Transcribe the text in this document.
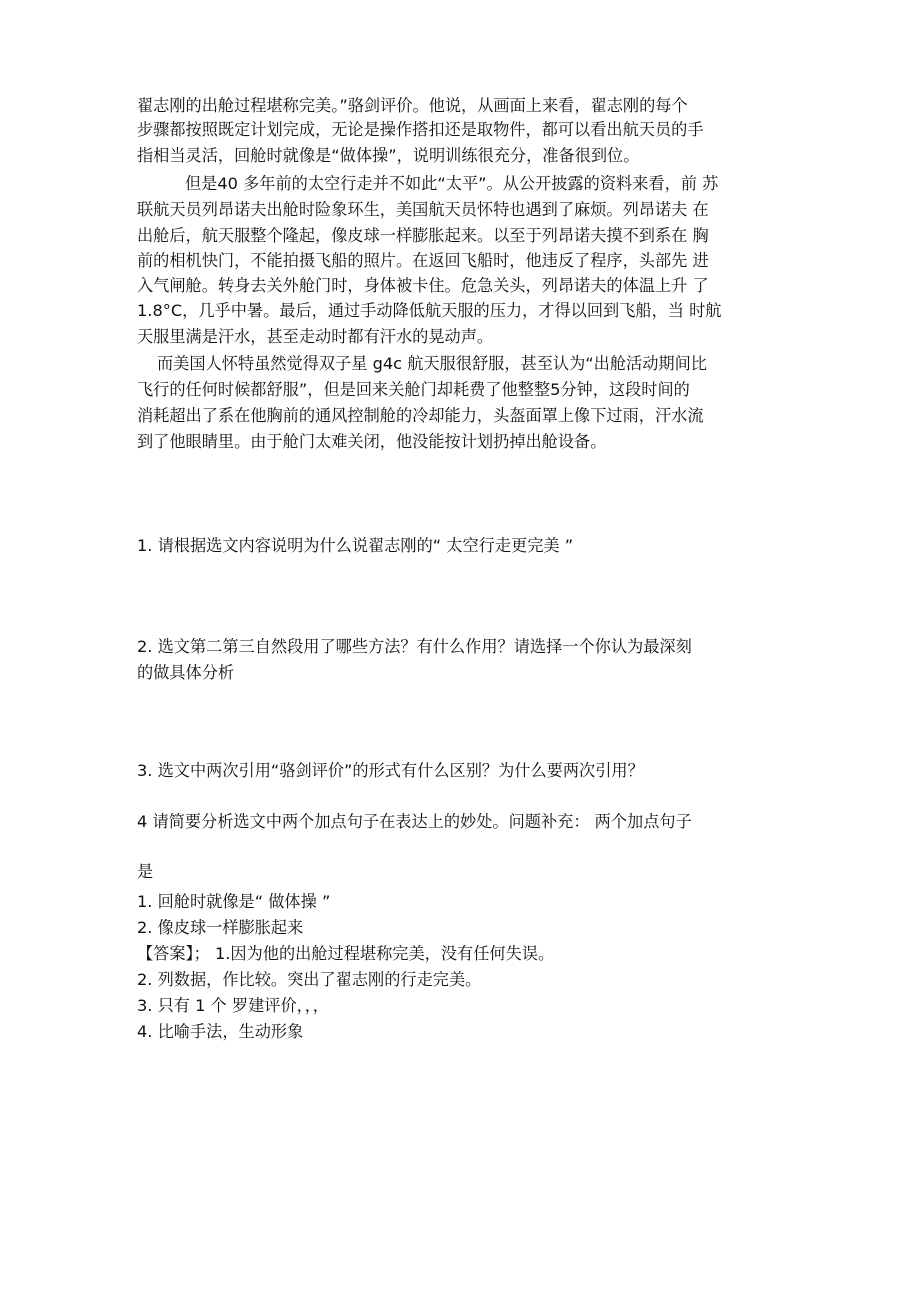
翟志刚的出舱过程堪称完美。”骆剑评价。他说，从画面上来看，翟志刚的每个
步骤都按照既定计划完成，无论是操作搭扣还是取物件，都可以看出航天员的手
指相当灵活，回舱时就像是“做体操”，说明训练很充分，准备很到位。
但是40 多年前的太空行走并不如此“太平”。从公开披露的资料来看，前 苏
联航天员列昂诺夫出舱时险象环生，美国航天员怀特也遇到了麻烦。列昂诺夫 在
出舱后，航天服整个隆起，像皮球一样膨胀起来。以至于列昂诺夫摸不到系在 胸
前的相机快门，不能拍摄飞船的照片。在返回飞船时，他违反了程序，头部先 进
入气闸舱。转身去关外舱门时，身体被卡住。危急关头，列昂诺夫的体温上升 了
1.8°C，几乎中暑。最后，通过手动降低航天服的压力，才得以回到飞船，当 时航
天服里满是汗水，甚至走动时都有汗水的晃动声。
而美国人怀特虽然觉得双子星 g4c 航天服很舒服，甚至认为“出舱活动期间比
飞行的任何时候都舒服”，但是回来关舱门却耗费了他整整5分钟，这段时间的
消耗超出了系在他胸前的通风控制舱的冷却能力，头盔面罩上像下过雨，汗水流
到了他眼睛里。由于舱门太难关闭，他没能按计划扔掉出舱设备。
1. 请根据选文内容说明为什么说翟志刚的“ 太空行走更完美 ”
2. 选文第二第三自然段用了哪些方法？有什么作用？请选择一个你认为最深刻
的做具体分析
3. 选文中两次引用“骆剑评价”的形式有什么区别？为什么要两次引用？
4 请简要分析选文中两个加点句子在表达上的妙处。问题补充： 两个加点句子
是
1. 回舱时就像是“ 做体操 ”
2. 像皮球一样膨胀起来
【答案】； 1.因为他的出舱过程堪称完美，没有任何失误。
2. 列数据，作比较。突出了翟志刚的行走完美。
3. 只有 1 个 罗建评价，，，
4. 比喻手法，生动形象
